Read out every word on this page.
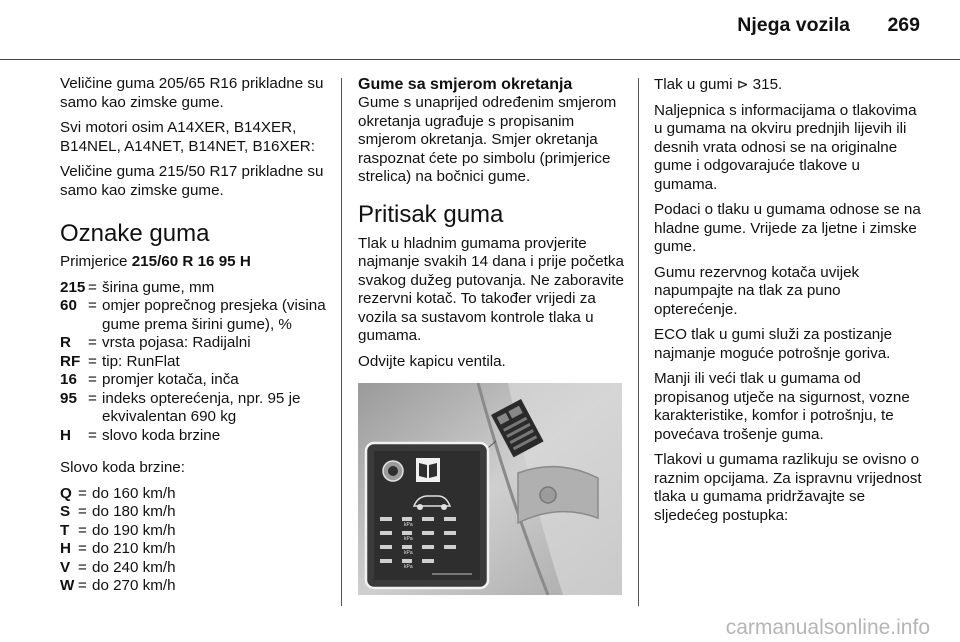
Njega vozila	269

Veličine guma 205/65 R16 prikladne su samo kao zimske gume.

Svi motori osim A14XER, B14XER, B14NEL, A14NET, B14NET, B16XER:

Veličine guma 215/50 R17 prikladne su samo kao zimske gume.

Oznake guma

Primjerice 215/60 R 16 95 H

215	=	širina gume, mm
60	=	omjer poprečnog presjeka (visina gume prema širini gume), %
R	=	vrsta pojasa: Radijalni
RF	=	tip: RunFlat
16	=	promjer kotača, inča
95	=	indeks opterećenja, npr. 95 je ekvivalentan 690 kg
H	=	slovo koda brzine

Slovo koda brzine:

Q	=	do 160 km/h
S	=	do 180 km/h
T	=	do 190 km/h
H	=	do 210 km/h
V	=	do 240 km/h
W	=	do 270 km/h
Gume sa smjerom okretanja

Gume s unaprijed određenim smjerom okretanja ugrađuje s propisanim smjerom okretanja. Smjer okretanja raspoznat ćete po simbolu (primjerice strelica) na bočnici gume.

Pritisak guma

Tlak u hladnim gumama provjerite najmanje svakih 14 dana i prije početka svakog dužeg putovanja. Ne zaboravite rezervni kotač. To također vrijedi za vozila sa sustavom kontrole tlaka u gumama.

Odvijte kapicu ventila.

kPa
kPa
kPa
kPa

Tlak u gumi ⊳ 315.

Naljepnica s informacijama o tlakovima u gumama na okviru prednjih lijevih ili desnih vrata odnosi se na originalne gume i odgovarajuće tlakove u gumama.

Podaci o tlaku u gumama odnose se na hladne gume. Vrijede za ljetne i zimske gume.

Gumu rezervnog kotača uvijek napumpajte na tlak za puno opterećenje.

ECO tlak u gumi služi za postizanje najmanje moguće potrošnje goriva.

Manji ili veći tlak u gumama od propisanog utječe na sigurnost, vozne karakteristike, komfor i potrošnju, te povećava trošenje guma.

Tlakovi u gumama razlikuju se ovisno o raznim opcijama. Za ispravnu vrijednost tlaka u gumama pridržavajte se sljedećeg postupka:

carmanualsonline.info
